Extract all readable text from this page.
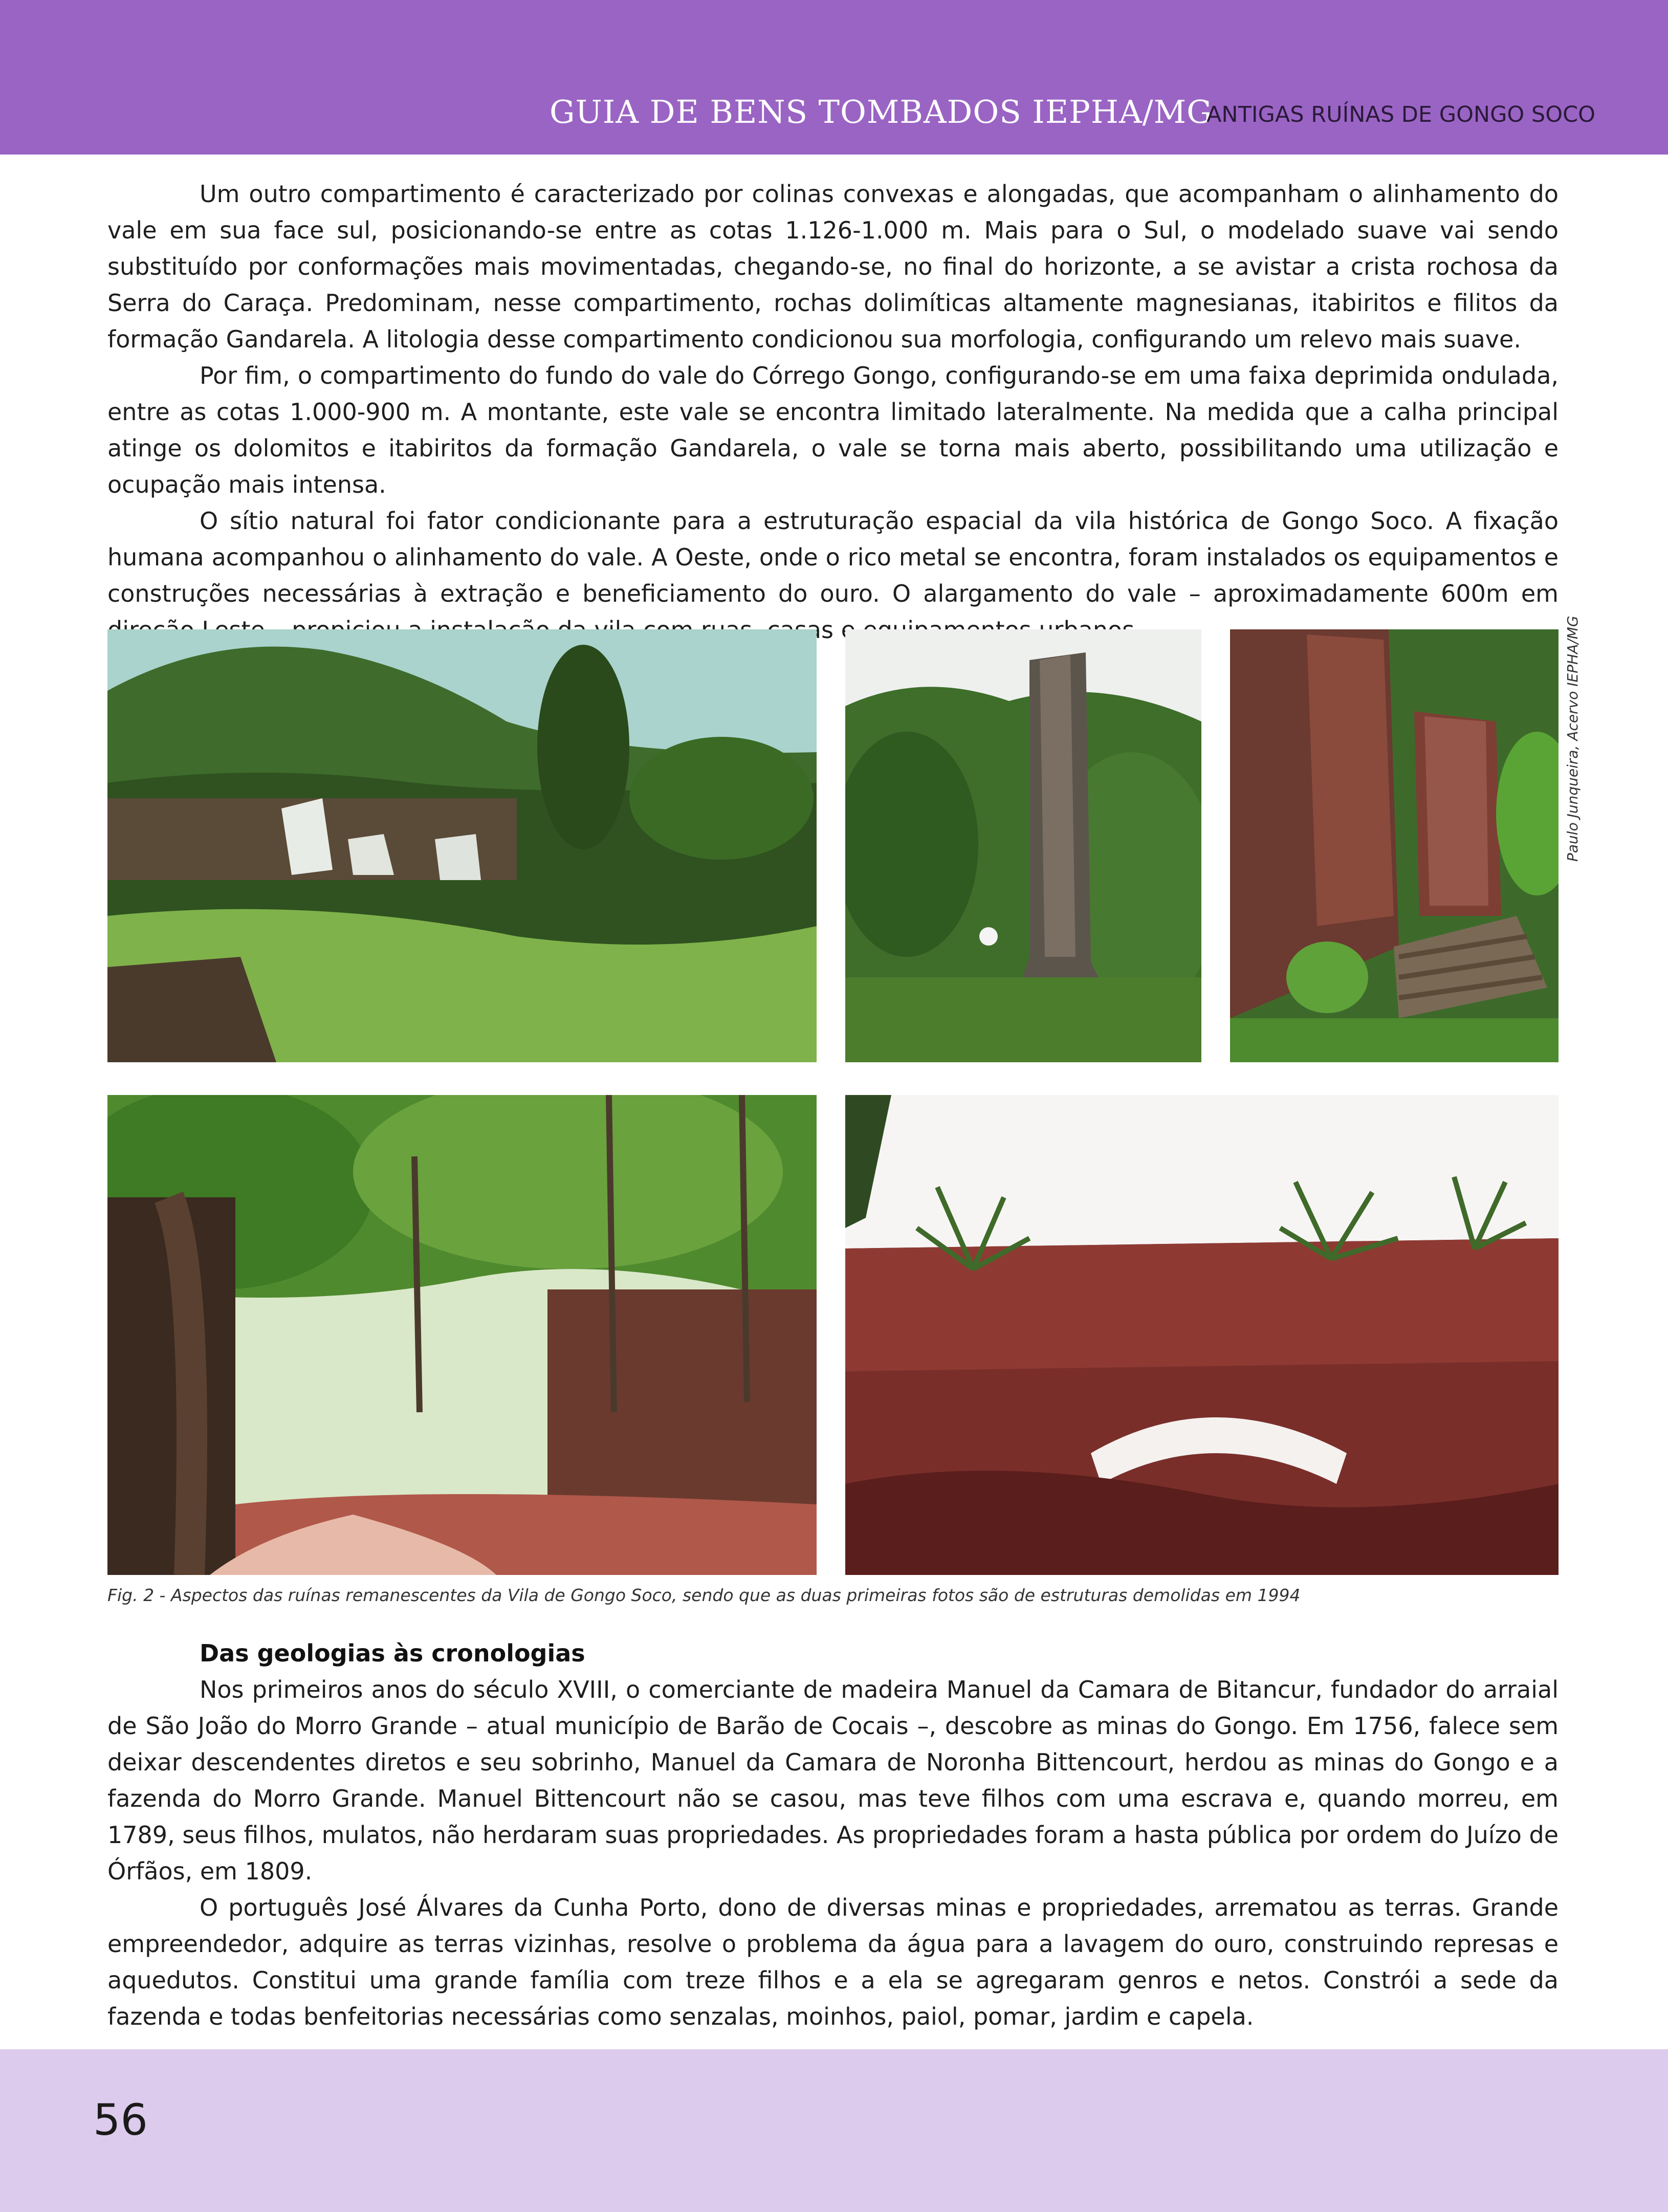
GUIA DE BENS TOMBADOS IEPHA/MG
ANTIGAS RUÍNAS DE GONGO SOCO

Um outro compartimento é caracterizado por colinas convexas e alongadas, que acompanham o alinhamento do vale em sua face sul, posicionando-se entre as cotas 1.126-1.000 m. Mais para o Sul, o modelado suave vai sendo substituído por conformações mais movimentadas, chegando-se, no final do horizonte, a se avistar a crista rochosa da Serra do Caraça. Predominam, nesse compartimento, rochas dolimíticas altamente magnesianas, itabiritos e filitos da formação Gandarela. A litologia desse compartimento condicionou sua morfologia, configurando um relevo mais suave.

Por fim, o compartimento do fundo do vale do Córrego Gongo, configurando-se em uma faixa deprimida ondulada, entre as cotas 1.000-900 m. A montante, este vale se encontra limitado lateralmente. Na medida que a calha principal atinge os dolomitos e itabiritos da formação Gandarela, o vale se torna mais aberto, possibilitando uma utilização e ocupação mais intensa.

O sítio natural foi fator condicionante para a estruturação espacial da vila histórica de Gongo Soco. A fixação humana acompanhou o alinhamento do vale. A Oeste, onde o rico metal se encontra, foram instalados os equipamentos e construções necessárias à extração e beneficiamento do ouro. O alargamento do vale – aproximadamente 600m em

Paulo Junqueira, Acervo IEPHA/MG
Fig. 2 - Aspectos das ruínas remanescentes da Vila de Gongo Soco, sendo que as duas primeiras fotos são de estruturas demolidas em 1994
Das geologias às cronologias

Nos primeiros anos do século XVIII, o comerciante de madeira Manuel da Camara de Bitancur, fundador do arraial de São João do Morro Grande – atual município de Barão de Cocais –, descobre as minas do Gongo. Em 1756, falece sem deixar descendentes diretos e seu sobrinho, Manuel da Camara de Noronha Bittencourt, herdou as minas do Gongo e a fazenda do Morro Grande. Manuel Bittencourt não se casou, mas teve filhos com uma escrava e, quando morreu, em 1789, seus filhos, mulatos, não herdaram suas propriedades. As propriedades foram a hasta pública por ordem do Juízo de Órfãos, em 1809.

O português José Álvares da Cunha Porto, dono de diversas minas e propriedades, arrematou as terras. Grande empreendedor, adquire as terras vizinhas, resolve o problema da água para a lavagem do ouro, construindo represas e aquedutos. Constitui uma grande família com treze filhos e a ela se agregaram genros e netos. Constrói a sede da fazenda e todas benfeitorias necessárias como senzalas, moinhos, paiol, pomar, jardim e capela.

56
